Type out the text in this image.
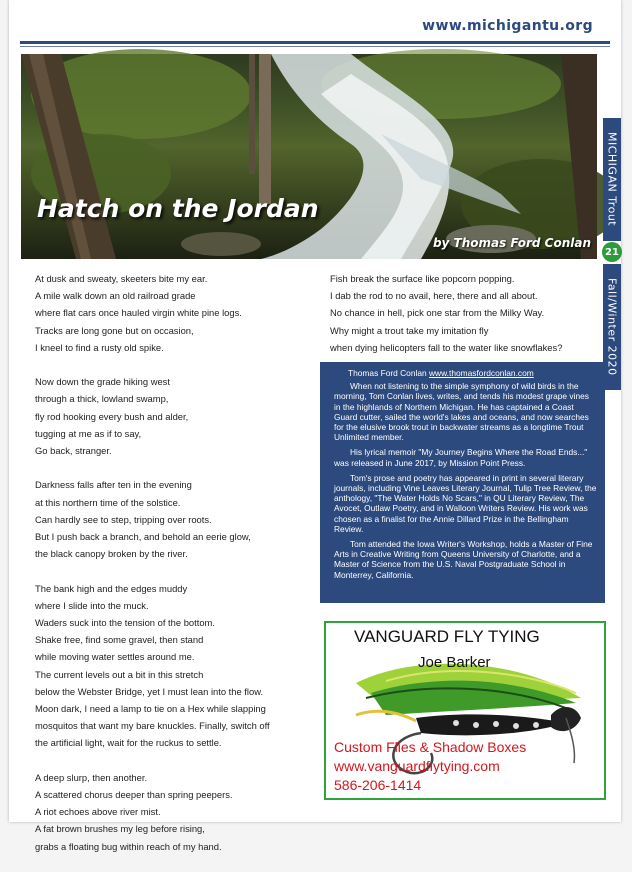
www.michigantu.org
Hatch on the Jordan
by Thomas Ford Conlan
MICHIGAN Trout
21
Fall/Winter 2020
At dusk and sweaty, skeeters bite my ear.
A mile walk down an old railroad grade
where flat cars once hauled virgin white pine logs.
Tracks are long gone but on occasion,
I kneel to find a rusty old spike.
Now down the grade hiking west
through a thick, lowland swamp,
fly rod hooking every bush and alder,
tugging at me as if to say,
Go back, stranger.
Darkness falls after ten in the evening
at this northern time of the solstice.
Can hardly see to step, tripping over roots.
But I push back a branch, and behold an eerie glow,
the black canopy broken by the river.
The bank high and the edges muddy
where I slide into the muck.
Waders suck into the tension of the bottom.
Shake free, find some gravel, then stand
while moving water settles around me.
The current levels out a bit in this stretch
below the Webster Bridge, yet I must lean into the flow.
Moon dark, I need a lamp to tie on a Hex while slapping
mosquitos that want my bare knuckles. Finally, switch off
the artificial light, wait for the ruckus to settle.
A deep slurp, then another.
A scattered chorus deeper than spring peepers.
A riot echoes above river mist.
A fat brown brushes my leg before rising,
grabs a floating bug within reach of my hand.
Fish break the surface like popcorn popping.
I dab the rod to no avail, here, there and all about.
No chance in hell, pick one star from the Milky Way.
Why might a trout take my imitation fly
when dying helicopters fall to the water like snowflakes?

Thomas Ford Conlan www.thomasfordconlan.com

When not listening to the simple symphony of wild birds in the morning, Tom Conlan lives, writes, and tends his modest grape vines in the highlands of Northern Michigan. He has captained a Coast Guard cutter, sailed the world's lakes and oceans, and now searches for the elusive brook trout in backwater streams as a longtime Trout Unlimited member.

His lyrical memoir "My Journey Begins Where the Road Ends..." was released in June 2017, by Mission Point Press.

Tom's prose and poetry has appeared in print in several literary journals, including Vine Leaves Literary Journal, Tulip Tree Review, the anthology, "The Water Holds No Scars," in QU Literary Review, The Avocet, Outlaw Poetry, and in Walloon Writers Review. His work was chosen as a finalist for the Annie Dillard Prize in the Bellingham Review.

Tom attended the Iowa Writer's Workshop, holds a Master of Fine Arts in Creative Writing from Queens University of Charlotte, and a Master of Science from the U.S. Naval Postgraduate School in Monterrey, California.

VANGUARD FLY TYING
Joe Barker
Custom Flies & Shadow Boxes
www.vanguardflytying.com
586-206-1414
